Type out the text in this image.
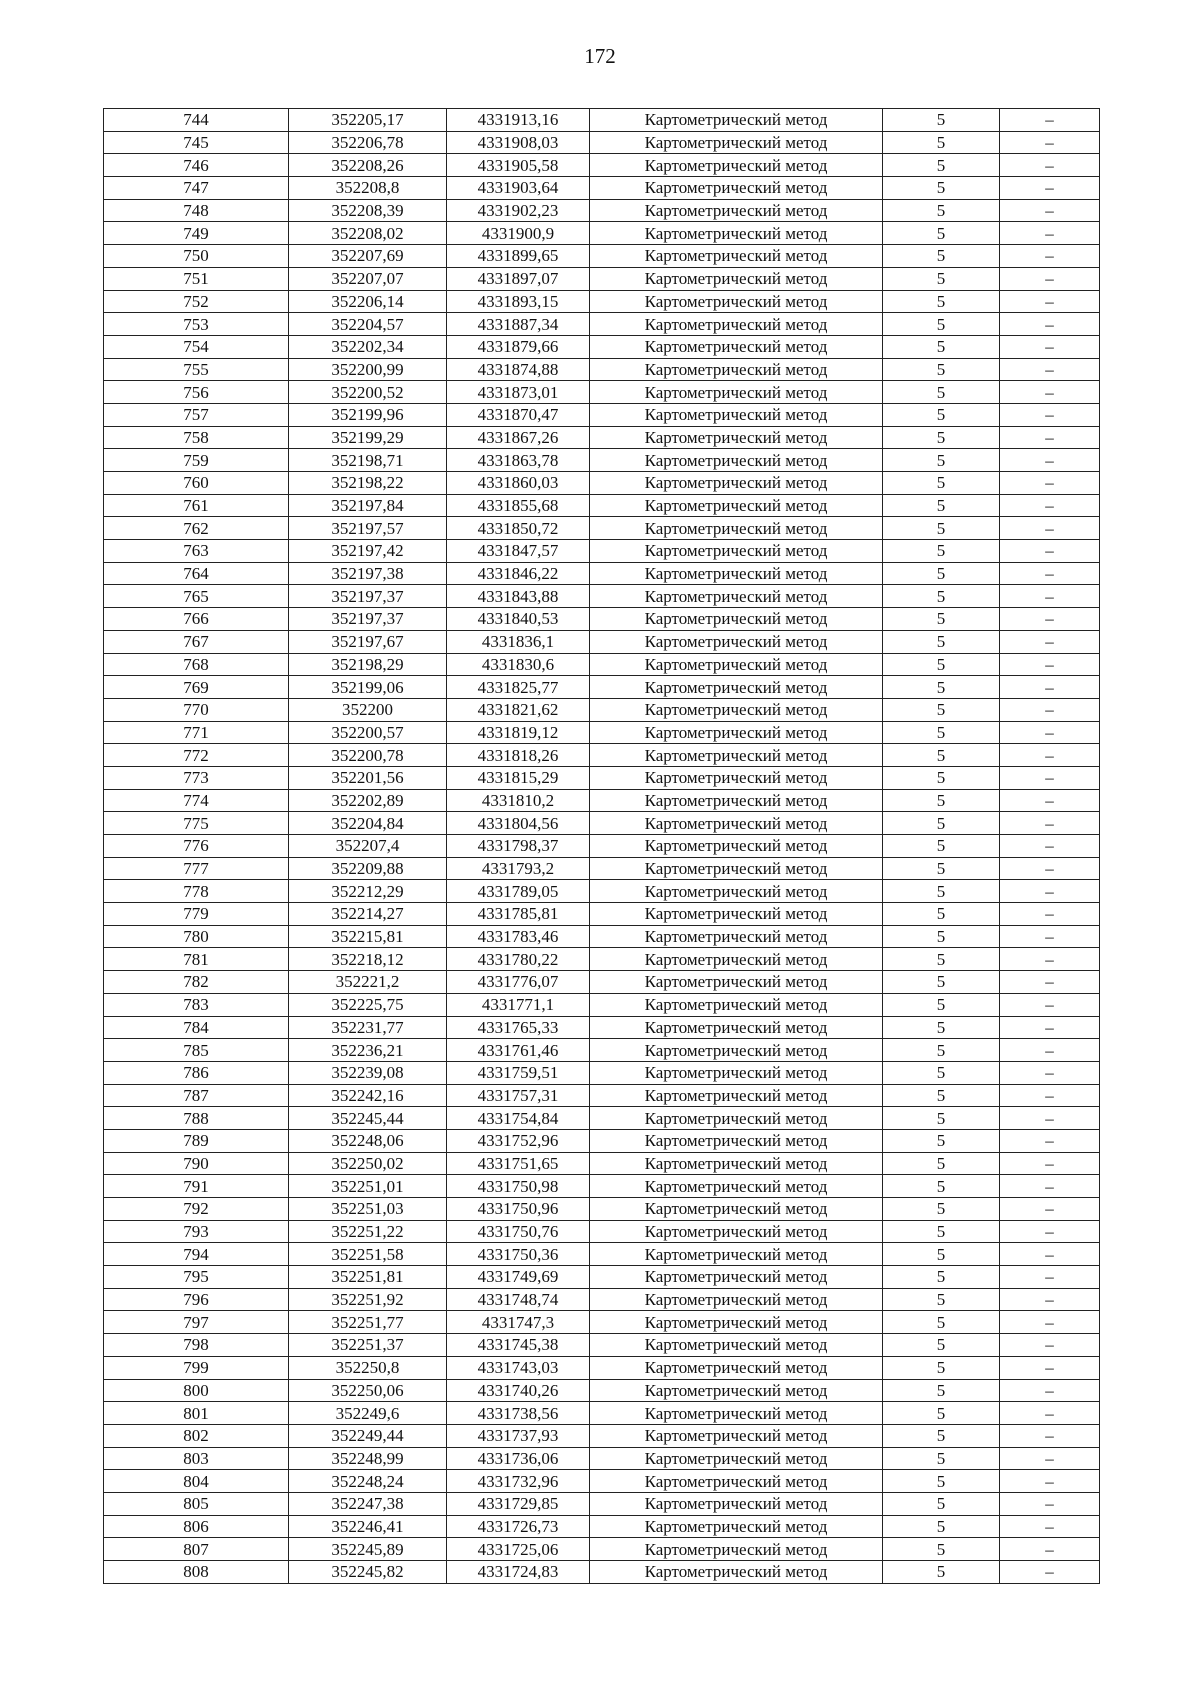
172
744	352205,17	4331913,16	Картометрический метод	5	–
745	352206,78	4331908,03	Картометрический метод	5	–
746	352208,26	4331905,58	Картометрический метод	5	–
747	352208,8	4331903,64	Картометрический метод	5	–
748	352208,39	4331902,23	Картометрический метод	5	–
749	352208,02	4331900,9	Картометрический метод	5	–
750	352207,69	4331899,65	Картометрический метод	5	–
751	352207,07	4331897,07	Картометрический метод	5	–
752	352206,14	4331893,15	Картометрический метод	5	–
753	352204,57	4331887,34	Картометрический метод	5	–
754	352202,34	4331879,66	Картометрический метод	5	–
755	352200,99	4331874,88	Картометрический метод	5	–
756	352200,52	4331873,01	Картометрический метод	5	–
757	352199,96	4331870,47	Картометрический метод	5	–
758	352199,29	4331867,26	Картометрический метод	5	–
759	352198,71	4331863,78	Картометрический метод	5	–
760	352198,22	4331860,03	Картометрический метод	5	–
761	352197,84	4331855,68	Картометрический метод	5	–
762	352197,57	4331850,72	Картометрический метод	5	–
763	352197,42	4331847,57	Картометрический метод	5	–
764	352197,38	4331846,22	Картометрический метод	5	–
765	352197,37	4331843,88	Картометрический метод	5	–
766	352197,37	4331840,53	Картометрический метод	5	–
767	352197,67	4331836,1	Картометрический метод	5	–
768	352198,29	4331830,6	Картометрический метод	5	–
769	352199,06	4331825,77	Картометрический метод	5	–
770	352200	4331821,62	Картометрический метод	5	–
771	352200,57	4331819,12	Картометрический метод	5	–
772	352200,78	4331818,26	Картометрический метод	5	–
773	352201,56	4331815,29	Картометрический метод	5	–
774	352202,89	4331810,2	Картометрический метод	5	–
775	352204,84	4331804,56	Картометрический метод	5	–
776	352207,4	4331798,37	Картометрический метод	5	–
777	352209,88	4331793,2	Картометрический метод	5	–
778	352212,29	4331789,05	Картометрический метод	5	–
779	352214,27	4331785,81	Картометрический метод	5	–
780	352215,81	4331783,46	Картометрический метод	5	–
781	352218,12	4331780,22	Картометрический метод	5	–
782	352221,2	4331776,07	Картометрический метод	5	–
783	352225,75	4331771,1	Картометрический метод	5	–
784	352231,77	4331765,33	Картометрический метод	5	–
785	352236,21	4331761,46	Картометрический метод	5	–
786	352239,08	4331759,51	Картометрический метод	5	–
787	352242,16	4331757,31	Картометрический метод	5	–
788	352245,44	4331754,84	Картометрический метод	5	–
789	352248,06	4331752,96	Картометрический метод	5	–
790	352250,02	4331751,65	Картометрический метод	5	–
791	352251,01	4331750,98	Картометрический метод	5	–
792	352251,03	4331750,96	Картометрический метод	5	–
793	352251,22	4331750,76	Картометрический метод	5	–
794	352251,58	4331750,36	Картометрический метод	5	–
795	352251,81	4331749,69	Картометрический метод	5	–
796	352251,92	4331748,74	Картометрический метод	5	–
797	352251,77	4331747,3	Картометрический метод	5	–
798	352251,37	4331745,38	Картометрический метод	5	–
799	352250,8	4331743,03	Картометрический метод	5	–
800	352250,06	4331740,26	Картометрический метод	5	–
801	352249,6	4331738,56	Картометрический метод	5	–
802	352249,44	4331737,93	Картометрический метод	5	–
803	352248,99	4331736,06	Картометрический метод	5	–
804	352248,24	4331732,96	Картометрический метод	5	–
805	352247,38	4331729,85	Картометрический метод	5	–
806	352246,41	4331726,73	Картометрический метод	5	–
807	352245,89	4331725,06	Картометрический метод	5	–
808	352245,82	4331724,83	Картометрический метод	5	–
